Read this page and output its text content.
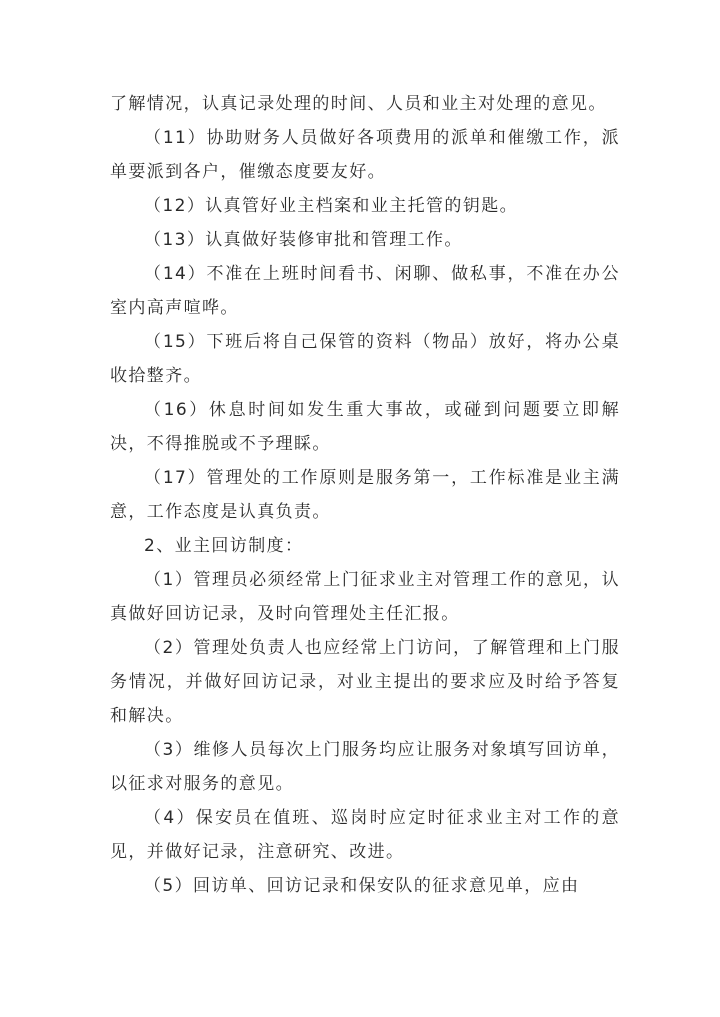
了解情况，认真记录处理的时间、人员和业主对处理的意见。

（11）协助财务人员做好各项费用的派单和催缴工作，派单要派到各户，催缴态度要友好。

（12）认真管好业主档案和业主托管的钥匙。

（13）认真做好装修审批和管理工作。

（14）不准在上班时间看书、闲聊、做私事，不准在办公室内高声喧哗。

（15）下班后将自己保管的资料（物品）放好，将办公桌收拾整齐。

（16）休息时间如发生重大事故，或碰到问题要立即解决，不得推脱或不予理睬。

（17）管理处的工作原则是服务第一，工作标准是业主满意，工作态度是认真负责。

2、业主回访制度：

（1）管理员必须经常上门征求业主对管理工作的意见，认真做好回访记录，及时向管理处主任汇报。

（2）管理处负责人也应经常上门访问，了解管理和上门服务情况，并做好回访记录，对业主提出的要求应及时给予答复和解决。

（3）维修人员每次上门服务均应让服务对象填写回访单，以征求对服务的意见。

（4）保安员在值班、巡岗时应定时征求业主对工作的意见，并做好记录，注意研究、改进。

（5）回访单、回访记录和保安队的征求意见单，应由
